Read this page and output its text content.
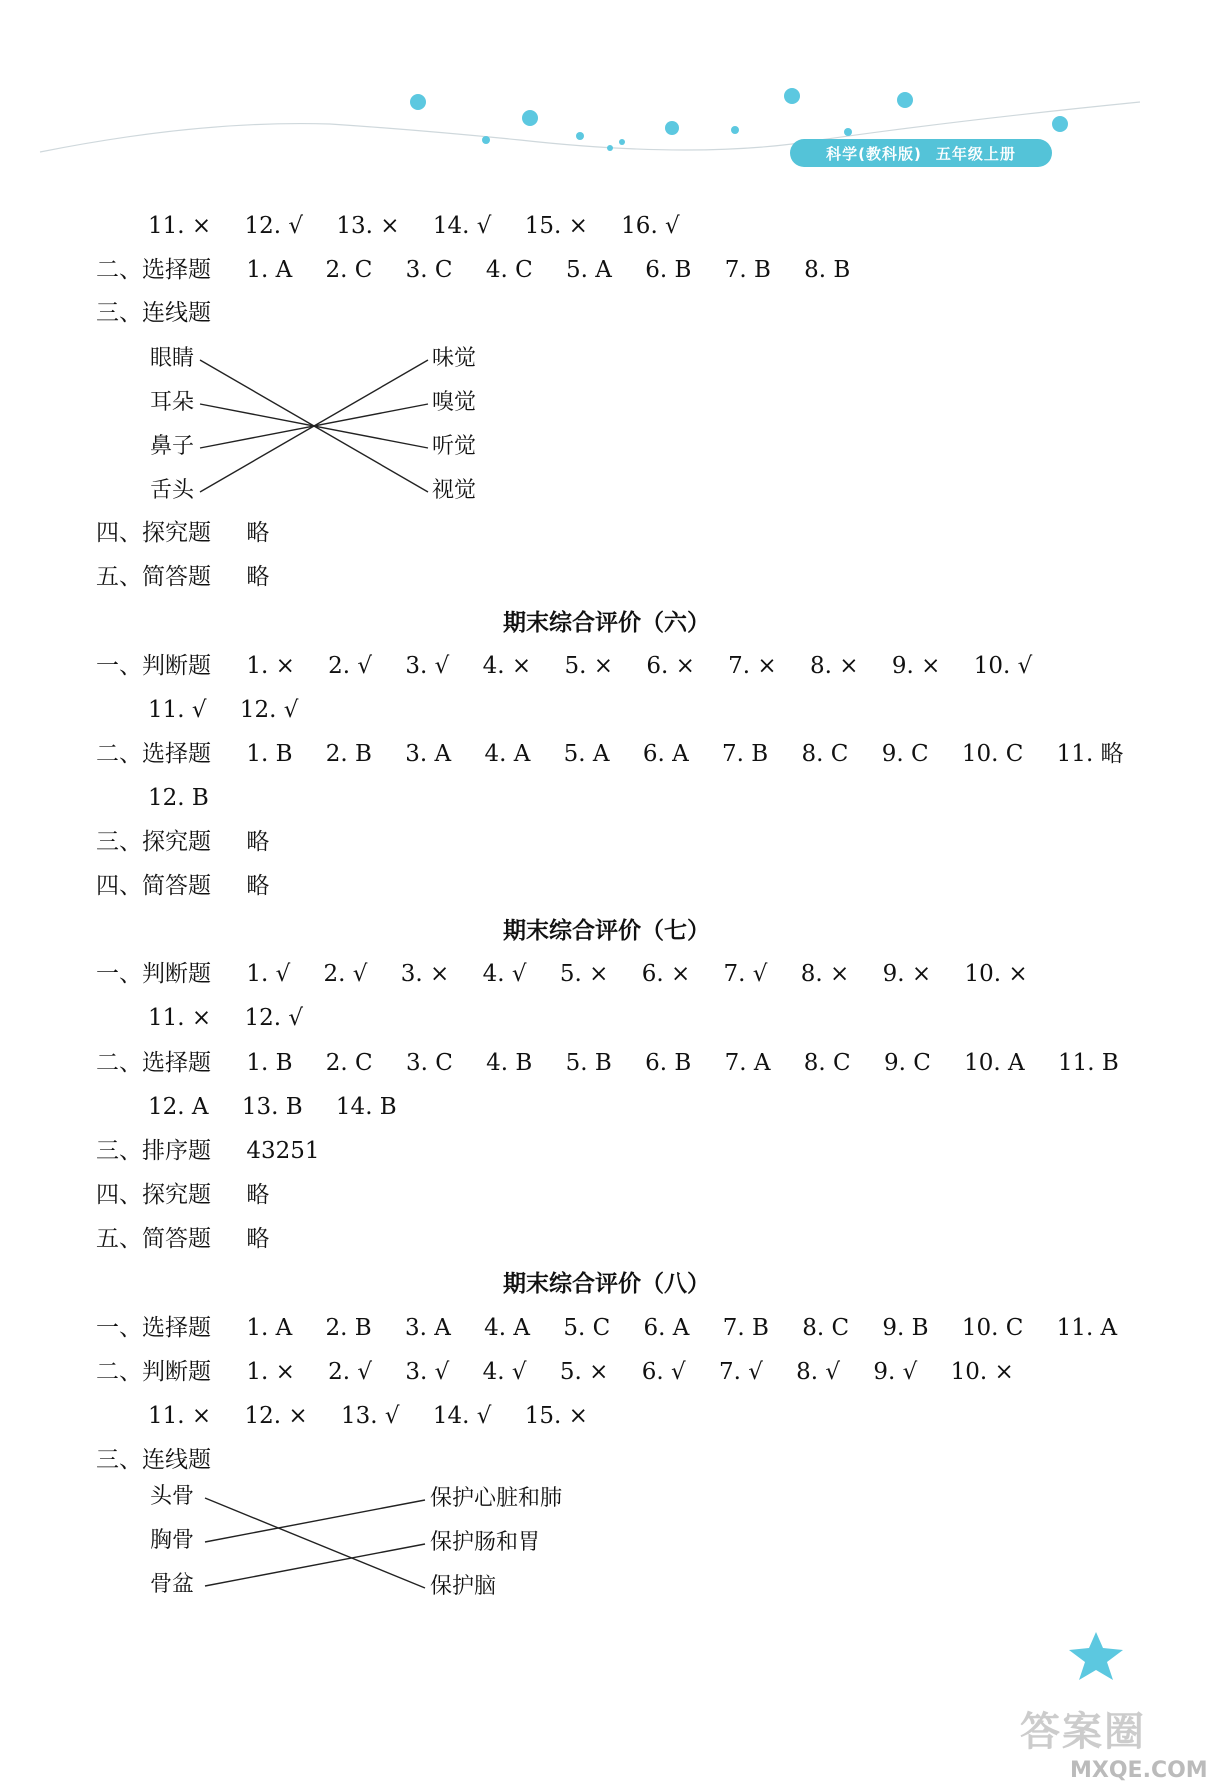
科学(教科版) 五年级上册
11. × 12. √ 13. × 14. √ 15. × 16. √
二、选择题 1. A 2. C 3. C 4. C 5. A 6. B 7. B 8. B
三、连线题
眼睛
耳朵
鼻子
舌头
味觉
嗅觉
听觉
视觉
四、探究题 略
五、简答题 略
期末综合评价（六）
一、判断题 1. × 2. √ 3. √ 4. × 5. × 6. × 7. × 8. × 9. × 10. √
11. √ 12. √
二、选择题 1. B 2. B 3. A 4. A 5. A 6. A 7. B 8. C 9. C 10. C 11. 略
12. B
三、探究题 略
四、简答题 略
期末综合评价（七）
一、判断题 1. √ 2. √ 3. × 4. √ 5. × 6. × 7. √ 8. × 9. × 10. ×
11. × 12. √
二、选择题 1. B 2. C 3. C 4. B 5. B 6. B 7. A 8. C 9. C 10. A 11. B
12. A 13. B 14. B
三、排序题 43251
四、探究题 略
五、简答题 略
期末综合评价（八）
一、选择题 1. A 2. B 3. A 4. A 5. C 6. A 7. B 8. C 9. B 10. C 11. A
二、判断题 1. × 2. √ 3. √ 4. √ 5. × 6. √ 7. √ 8. √ 9. √ 10. ×
11. × 12. × 13. √ 14. √ 15. ×
三、连线题
头骨
胸骨
骨盆
保护心脏和肺
保护肠和胃
保护脑
答案圈
MXQE.COM
